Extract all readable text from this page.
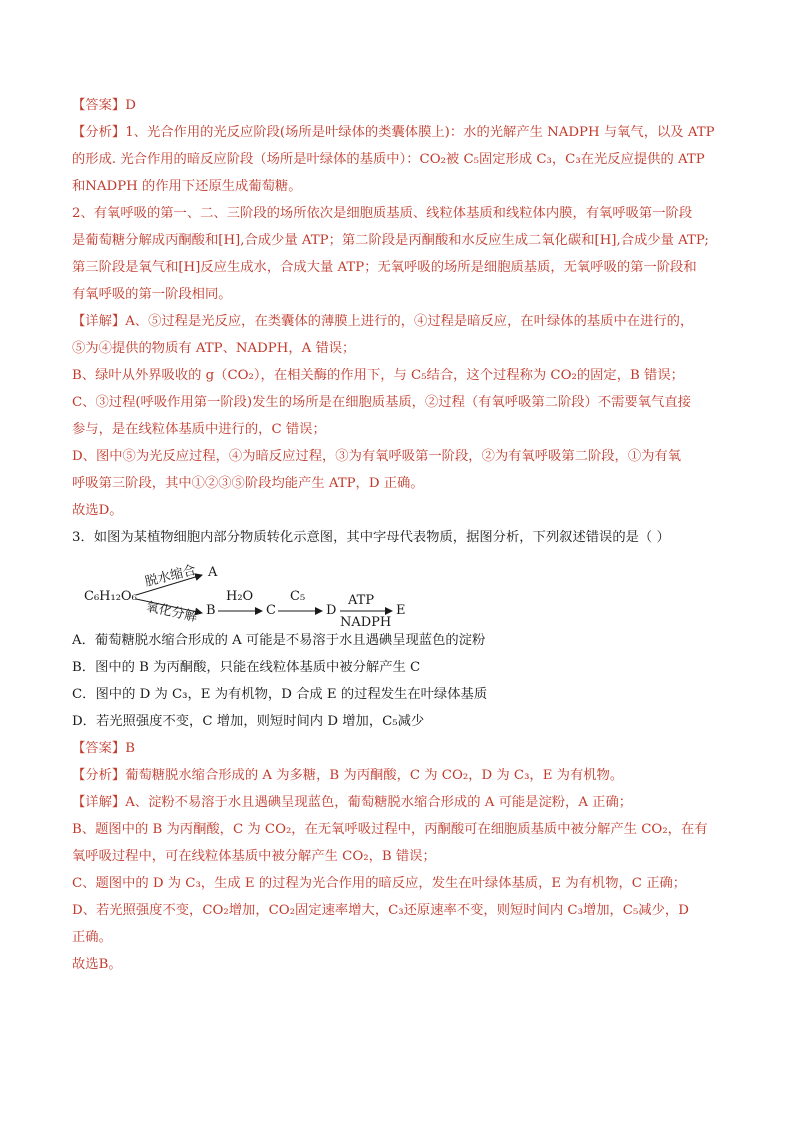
【答案】D

【分析】1、光合作用的光反应阶段(场所是叶绿体的类囊体膜上)：水的光解产生 NADPH 与氧气，以及 ATP

的形成. 光合作用的暗反应阶段（场所是叶绿体的基质中）：CO₂被 C₅固定形成 C₃，C₃在光反应提供的 ATP

和NADPH 的作用下还原生成葡萄糖。

2、有氧呼吸的第一、二、三阶段的场所依次是细胞质基质、线粒体基质和线粒体内膜，有氧呼吸第一阶段

是葡萄糖分解成丙酮酸和[H],合成少量 ATP；第二阶段是丙酮酸和水反应生成二氧化碳和[H],合成少量 ATP;

第三阶段是氧气和[H]反应生成水，合成大量 ATP；无氧呼吸的场所是细胞质基质，无氧呼吸的第一阶段和

有氧呼吸的第一阶段相同。

【详解】A、⑤过程是光反应，在类囊体的薄膜上进行的，④过程是暗反应，在叶绿体的基质中在进行的，

⑤为④提供的物质有 ATP、NADPH，A 错误；

B、绿叶从外界吸收的 g（CO₂），在相关酶的作用下，与 C₅结合，这个过程称为 CO₂的固定，B 错误；

C、③过程(呼吸作用第一阶段)发生的场所是在细胞质基质，②过程（有氧呼吸第二阶段）不需要氧气直接

参与，是在线粒体基质中进行的，C 错误；

D、图中⑤为光反应过程，④为暗反应过程，③为有氧呼吸第一阶段，②为有氧呼吸第二阶段，①为有氧

呼吸第三阶段，其中①②③⑤阶段均能产生 ATP，D 正确。

故选D。

3．如图为某植物细胞内部分物质转化示意图，其中字母代表物质，据图分析，下列叙述错误的是（ ）

C₆H₁₂O₆
脱水缩合 A
氧化分解 B
H₂O
C
C₅
D
ATP
NADPH
E

A．葡萄糖脱水缩合形成的 A 可能是不易溶于水且遇碘呈现蓝色的淀粉

B．图中的 B 为丙酮酸，只能在线粒体基质中被分解产生 C

C．图中的 D 为 C₃，E 为有机物，D 合成 E 的过程发生在叶绿体基质

D．若光照强度不变，C 增加，则短时间内 D 增加，C₅减少

【答案】B

【分析】葡萄糖脱水缩合形成的 A 为多糖，B 为丙酮酸，C 为 CO₂，D 为 C₃，E 为有机物。

【详解】A、淀粉不易溶于水且遇碘呈现蓝色，葡萄糖脱水缩合形成的 A 可能是淀粉，A 正确；

B、题图中的 B 为丙酮酸，C 为 CO₂，在无氧呼吸过程中，丙酮酸可在细胞质基质中被分解产生 CO₂，在有

氧呼吸过程中，可在线粒体基质中被分解产生 CO₂，B 错误；

C、题图中的 D 为 C₃，生成 E 的过程为光合作用的暗反应，发生在叶绿体基质，E 为有机物，C 正确；

D、若光照强度不变，CO₂增加，CO₂固定速率增大，C₃还原速率不变，则短时间内 C₃增加，C₅减少，D

正确。

故选B。
